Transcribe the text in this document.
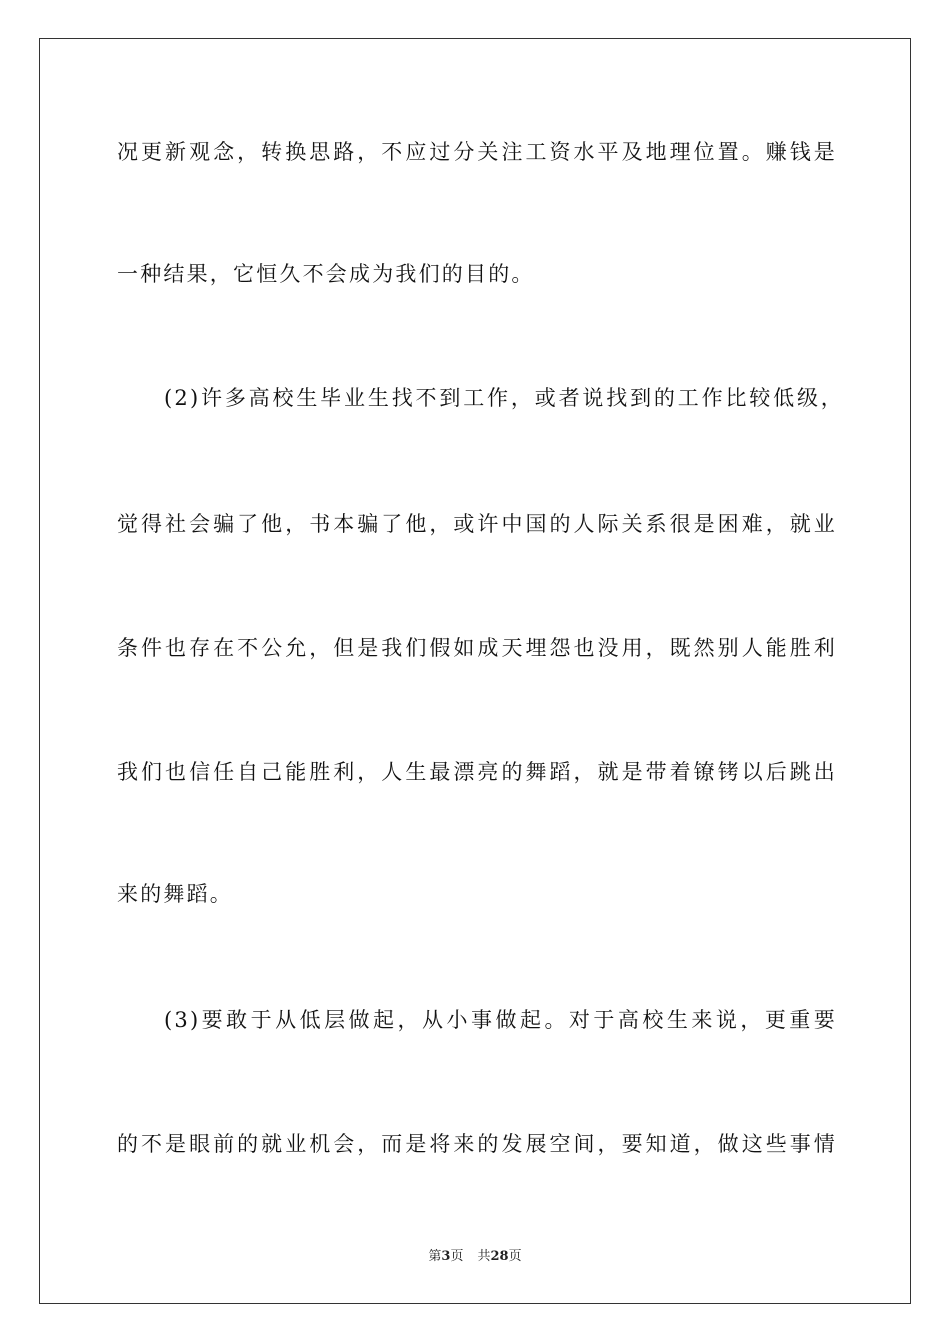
况更新观念，转换思路，不应过分关注工资水平及地理位置。赚钱是
一种结果，它恒久不会成为我们的目的。
(2)许多高校生毕业生找不到工作，或者说找到的工作比较低级，
觉得社会骗了他，书本骗了他，或许中国的人际关系很是困难，就业
条件也存在不公允，但是我们假如成天埋怨也没用，既然别人能胜利
我们也信任自己能胜利，人生最漂亮的舞蹈，就是带着镣铐以后跳出
来的舞蹈。
(3)要敢于从低层做起，从小事做起。对于高校生来说，更重要
的不是眼前的就业机会，而是将来的发展空间，要知道，做这些事情
第3页 共28页
